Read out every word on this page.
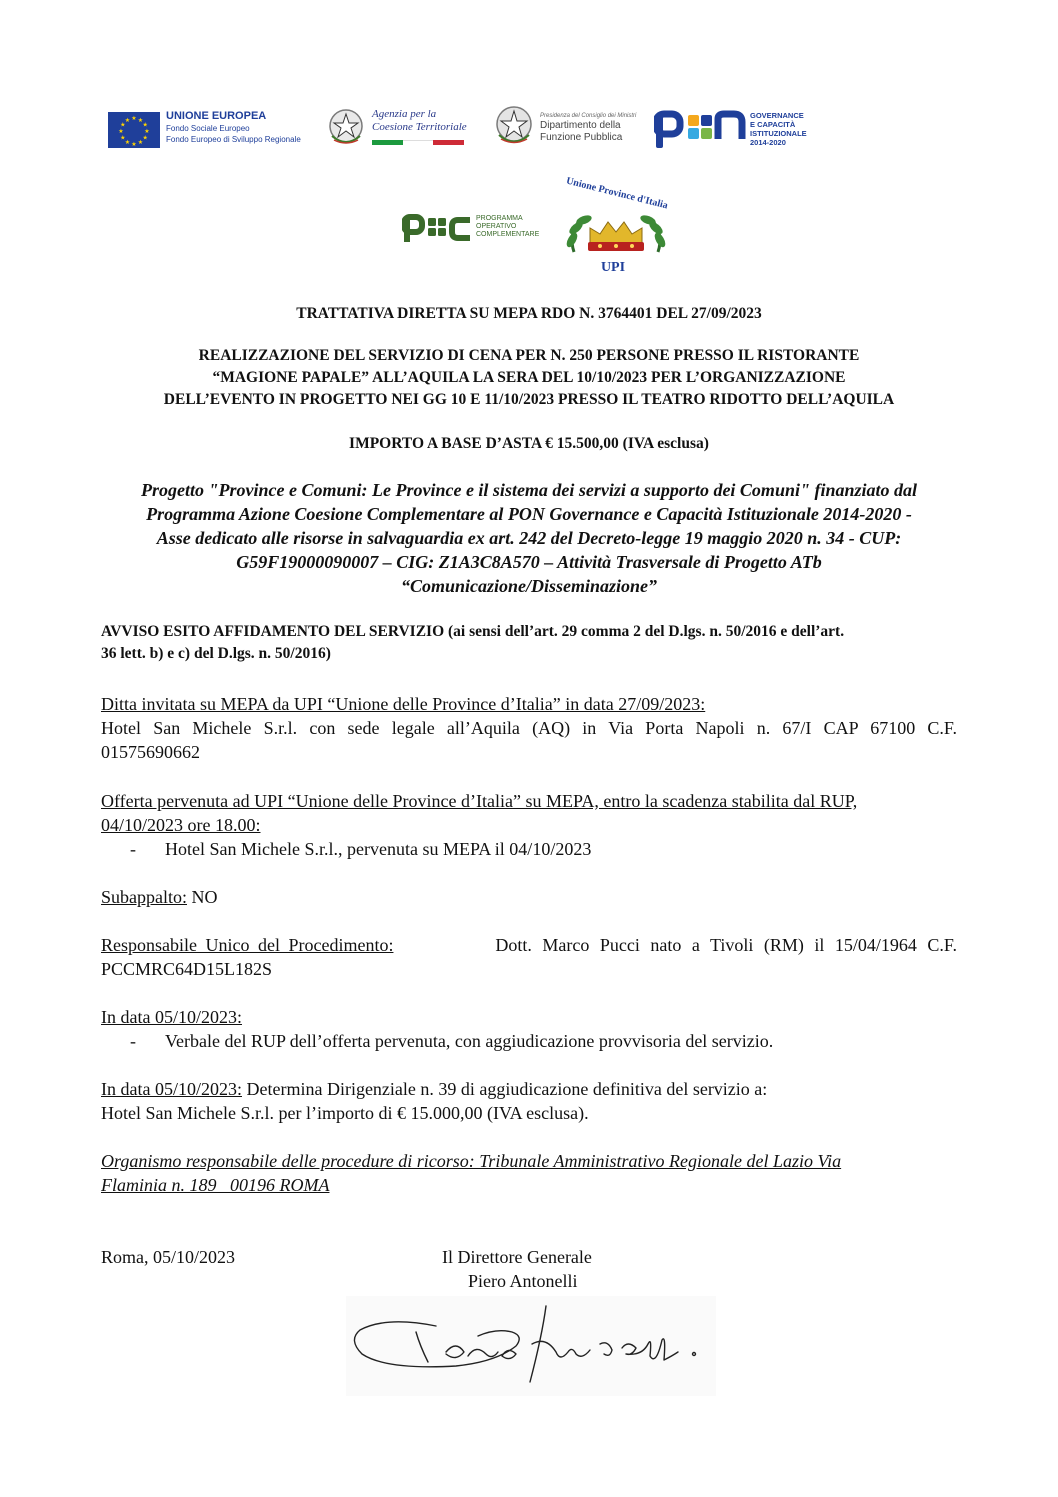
★ ★
★
★
★
★
★
★
★
★
★
★	UNIONE EUROPEA
Fondo Sociale Europeo
Fondo Europeo di Sviluppo Regionale
Agenzia per la
Coesione Territoriale
Presidenza del Consiglio dei Ministri
Dipartimento della
Funzione Pubblica
GOVERNANCE
E CAPACITÀ
ISTITUZIONALE
2014-2020
PROGRAMMA
OPERATIVO
COMPLEMENTARE
Unione Province d'Italia
UPI
TRATTATIVA DIRETTA SU MEPA RDO N. 3764401 DEL 27/09/2023
REALIZZAZIONE DEL SERVIZIO DI CENA PER N. 250 PERSONE PRESSO IL RISTORANTE
“MAGIONE PAPALE” ALL’AQUILA LA SERA DEL 10/10/2023 PER L’ORGANIZZAZIONE
DELL’EVENTO IN PROGETTO NEI GG 10 E 11/10/2023 PRESSO IL TEATRO RIDOTTO DELL’AQUILA
IMPORTO A BASE D’ASTA € 15.500,00 (IVA esclusa)
Progetto "Province e Comuni: Le Province e il sistema dei servizi a supporto dei Comuni" finanziato dal
Programma Azione Coesione Complementare al PON Governance e Capacità Istituzionale 2014-2020 -
Asse dedicato alle risorse in salvaguardia ex art. 242 del Decreto-legge 19 maggio 2020 n. 34 - CUP:
G59F19000090007 – CIG: Z1A3C8A570 – Attività Trasversale di Progetto ATb
“Comunicazione/Disseminazione”
AVVISO ESITO AFFIDAMENTO DEL SERVIZIO (ai sensi dell’art. 29 comma 2 del D.lgs. n. 50/2016 e dell’art.
36 lett. b) e c) del D.lgs. n. 50/2016)
Ditta invitata su MEPA da UPI “Unione delle Province d’Italia” in data 27/09/2023:
Hotel San Michele S.r.l. con sede legale all’Aquila (AQ) in Via Porta Napoli n. 67/I CAP 67100 C.F.
01575690662
Offerta pervenuta ad UPI “Unione delle Province d’Italia” su MEPA, entro la scadenza stabilita dal RUP,
04/10/2023 ore 18.00:
-	Hotel San Michele S.r.l., pervenuta su MEPA il 04/10/2023
Subappalto: NO
Responsabile Unico del Procedimento:	Dott. Marco Pucci nato a Tivoli (RM) il 15/04/1964 C.F.
PCCMRC64D15L182S
In data 05/10/2023:
-	Verbale del RUP dell’offerta pervenuta, con aggiudicazione provvisoria del servizio.
In data 05/10/2023: Determina Dirigenziale n. 39 di aggiudicazione definitiva del servizio a:
Hotel San Michele S.r.l. per l’importo di € 15.000,00 (IVA esclusa).
Organismo responsabile delle procedure di ricorso: Tribunale Amministrativo Regionale del Lazio Via
Flaminia n. 189   00196 ROMA
Roma, 05/10/2023	Il Direttore Generale
Piero Antonelli
